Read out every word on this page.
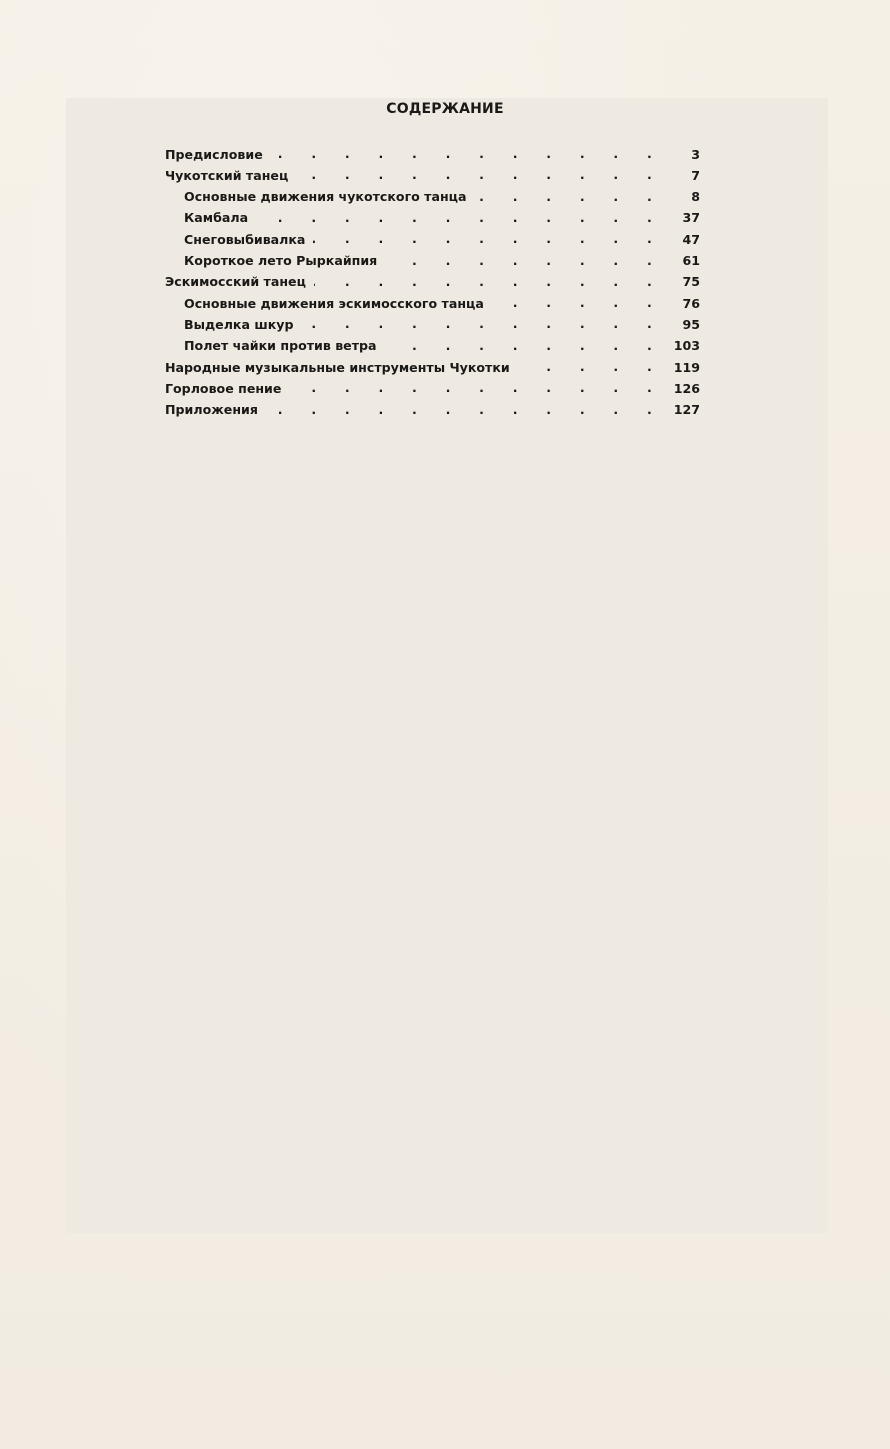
СОДЕРЖАНИЕ
Предисловие . . .	3
Чукотский танец . . .	7
Основные движения чукотского танца . . .	8
Камбала . . .	37
Снеговыбивалка . . .	47
Короткое лето Рыркайпия . . .	61
Эскимосский танец . . .	75
Основные движения эскимосского танца . . .	76
Выделка шкур . . .	95
Полет чайки против ветра . . .	103
Народные музыкальные инструменты Чукотки . . .	119
Горловое пение . . .	126
Приложения . . .	127
